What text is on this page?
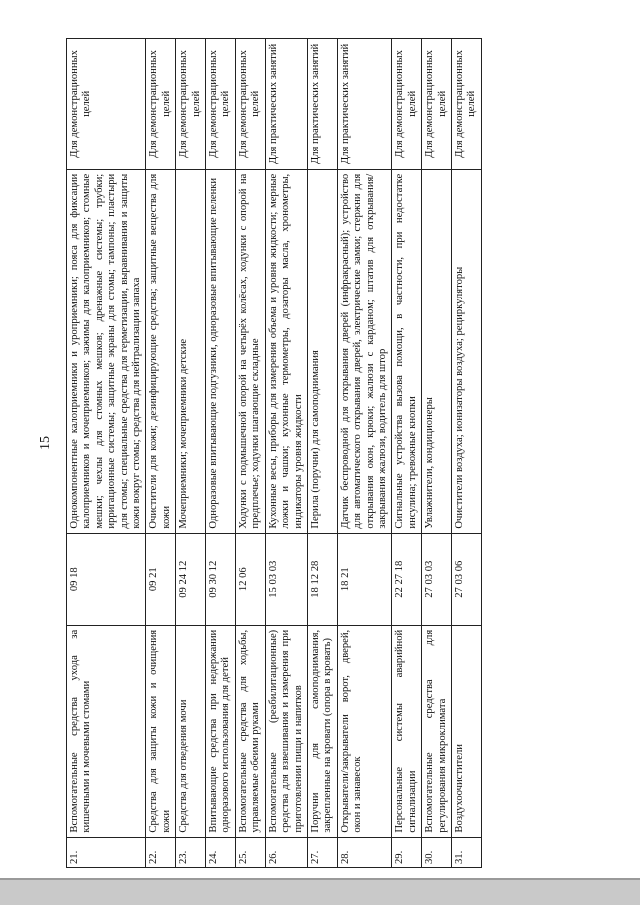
15
21.	Вспомогательные средства ухода за кишечными и мочевыми стомами	09 18	Однокомпонентные калоприемники и уроприемники; пояса для фиксации калоприемников и мочеприемников; зажимы для калоприемников; стомные мешки; чехлы для стомных мешков; дренажные системы; трубки; ирригационные системы; защитные экраны для стомы; тампоны; пластыри для стомы; специальные средства для герметизации, выравнивания и защиты кожи вокруг стомы; средства для нейтрализации запаха	Для демонстрационных целей
22.	Средства для защиты кожи и очищения кожи	09 21	Очистители для кожи; дезинфицирующие средства; защитные вещества для кожи	Для демонстрационных целей
23.	Средства для отведения мочи	09 24 12	Мочеприемники; мочеприемники детские	Для демонстрационных целей
24.	Впитывающие средства при недержании одноразового использования для детей	09 30 12	Одноразовые впитывающие подгузники, одноразовые впитывающие пеленки	Для демонстрационных целей
25.	Вспомогательные средства для ходьбы, управляемые обеими руками	12 06	Ходунки с подмышечной опорой на четырёх колёсах, ходунки с опорой на предплечье; ходунки шагающие складные	Для демонстрационных целей
26.	Вспомогательные (реабилитационные) средства для взвешивания и измерения при приготовлении пищи и напитков	15 03 03	Кухонные весы, приборы для измерения объема и уровня жидкости; мерные ложки и чашки; кухонные термометры, дозаторы масла, хронометры, индикаторы уровня жидкости	Для практических занятий
27.	Поручни для самоподнимания, закрепленные на кровати (опора в кровать)	18 12 28	Перила (поручни) для самоподнимания	Для практических занятий
28.	Открыватели/закрыватели ворот, дверей, окон и занавесок	18 21	Датчик беспроводной для открывания дверей (инфракрасный); устройство для автоматического открывания дверей, электрические замки; стержни для открывания окон, крюки; жалюзи с карданом; штатив для открывания/закрывания жалюзи, водитель для штор	Для практических занятий
29.	Персональные системы аварийной сигнализации	22 27 18	Сигнальные устройства вызова помощи, в частности, при недостатке инсулина; тревожные кнопки	Для демонстрационных целей
30.	Вспомогательные средства для регулирования микроклимата	27 03 03	Увлажнители, кондиционеры	Для демонстрационных целей
31.	Воздухоочистители	27 03 06	Очистители воздуха; ионизаторы воздуха; рециркуляторы	Для демонстрационных целей
